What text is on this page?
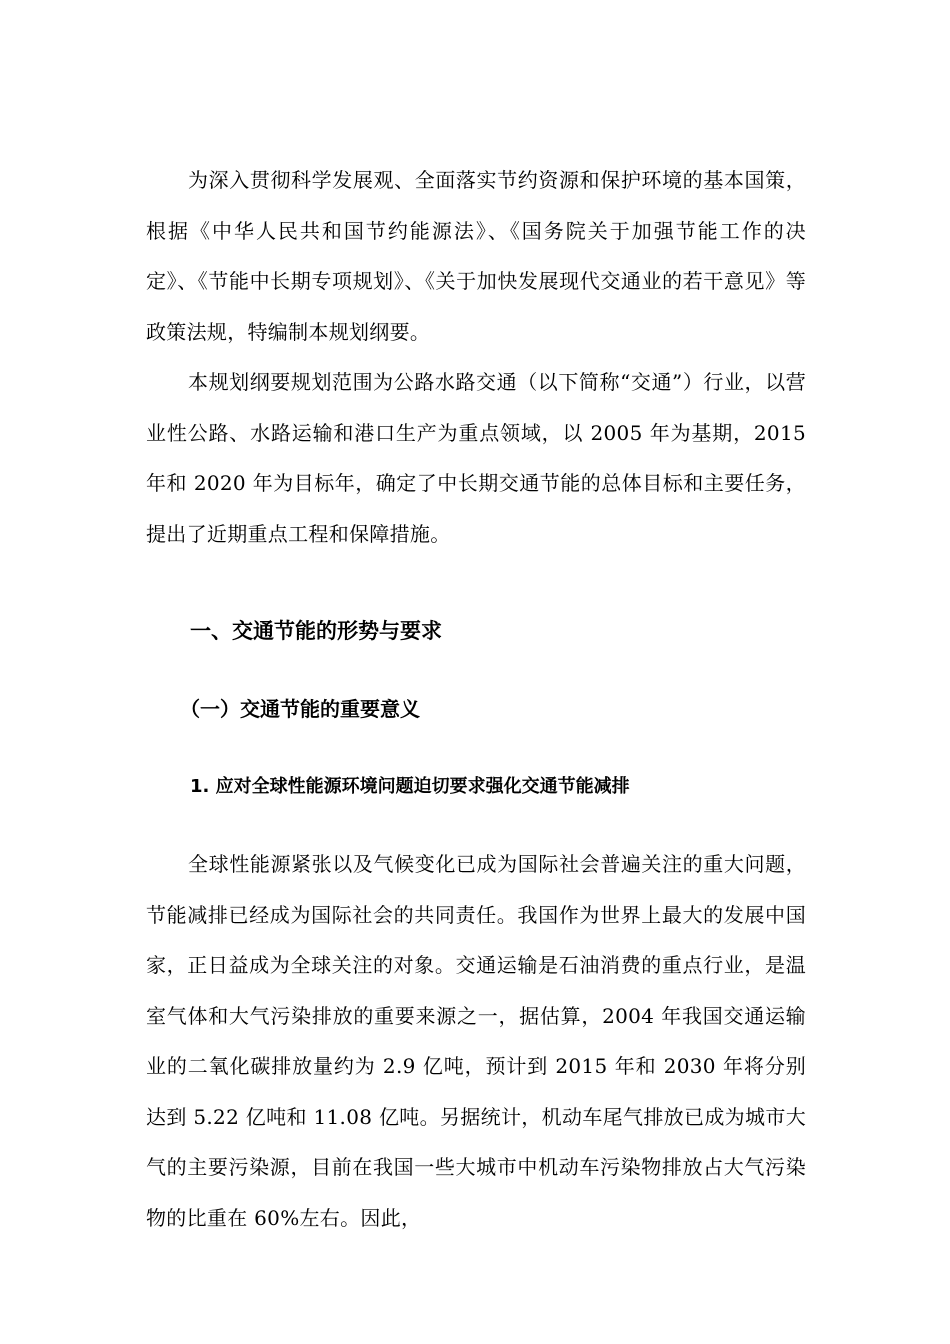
为深入贯彻科学发展观、全面落实节约资源和保护环境的基本国策，根据《中华人民共和国节约能源法》、《国务院关于加强节能工作的决定》、《节能中长期专项规划》、《关于加快发展现代交通业的若干意见》等政策法规，特编制本规划纲要。

本规划纲要规划范围为公路水路交通（以下简称“交通”）行业，以营业性公路、水路运输和港口生产为重点领域，以 2005 年为基期，2015 年和 2020 年为目标年，确定了中长期交通节能的总体目标和主要任务，提出了近期重点工程和保障措施。

一、交通节能的形势与要求
（一）交通节能的重要意义
1. 应对全球性能源环境问题迫切要求强化交通节能减排

全球性能源紧张以及气候变化已成为国际社会普遍关注的重大问题，节能减排已经成为国际社会的共同责任。我国作为世界上最大的发展中国家，正日益成为全球关注的对象。交通运输是石油消费的重点行业，是温室气体和大气污染排放的重要来源之一，据估算，2004 年我国交通运输业的二氧化碳排放量约为 2.9 亿吨，预计到 2015 年和 2030 年将分别达到 5.22 亿吨和 11.08 亿吨。另据统计，机动车尾气排放已成为城市大气的主要污染源，目前在我国一些大城市中机动车污染物排放占大气污染物的比重在 60%左右。因此，
